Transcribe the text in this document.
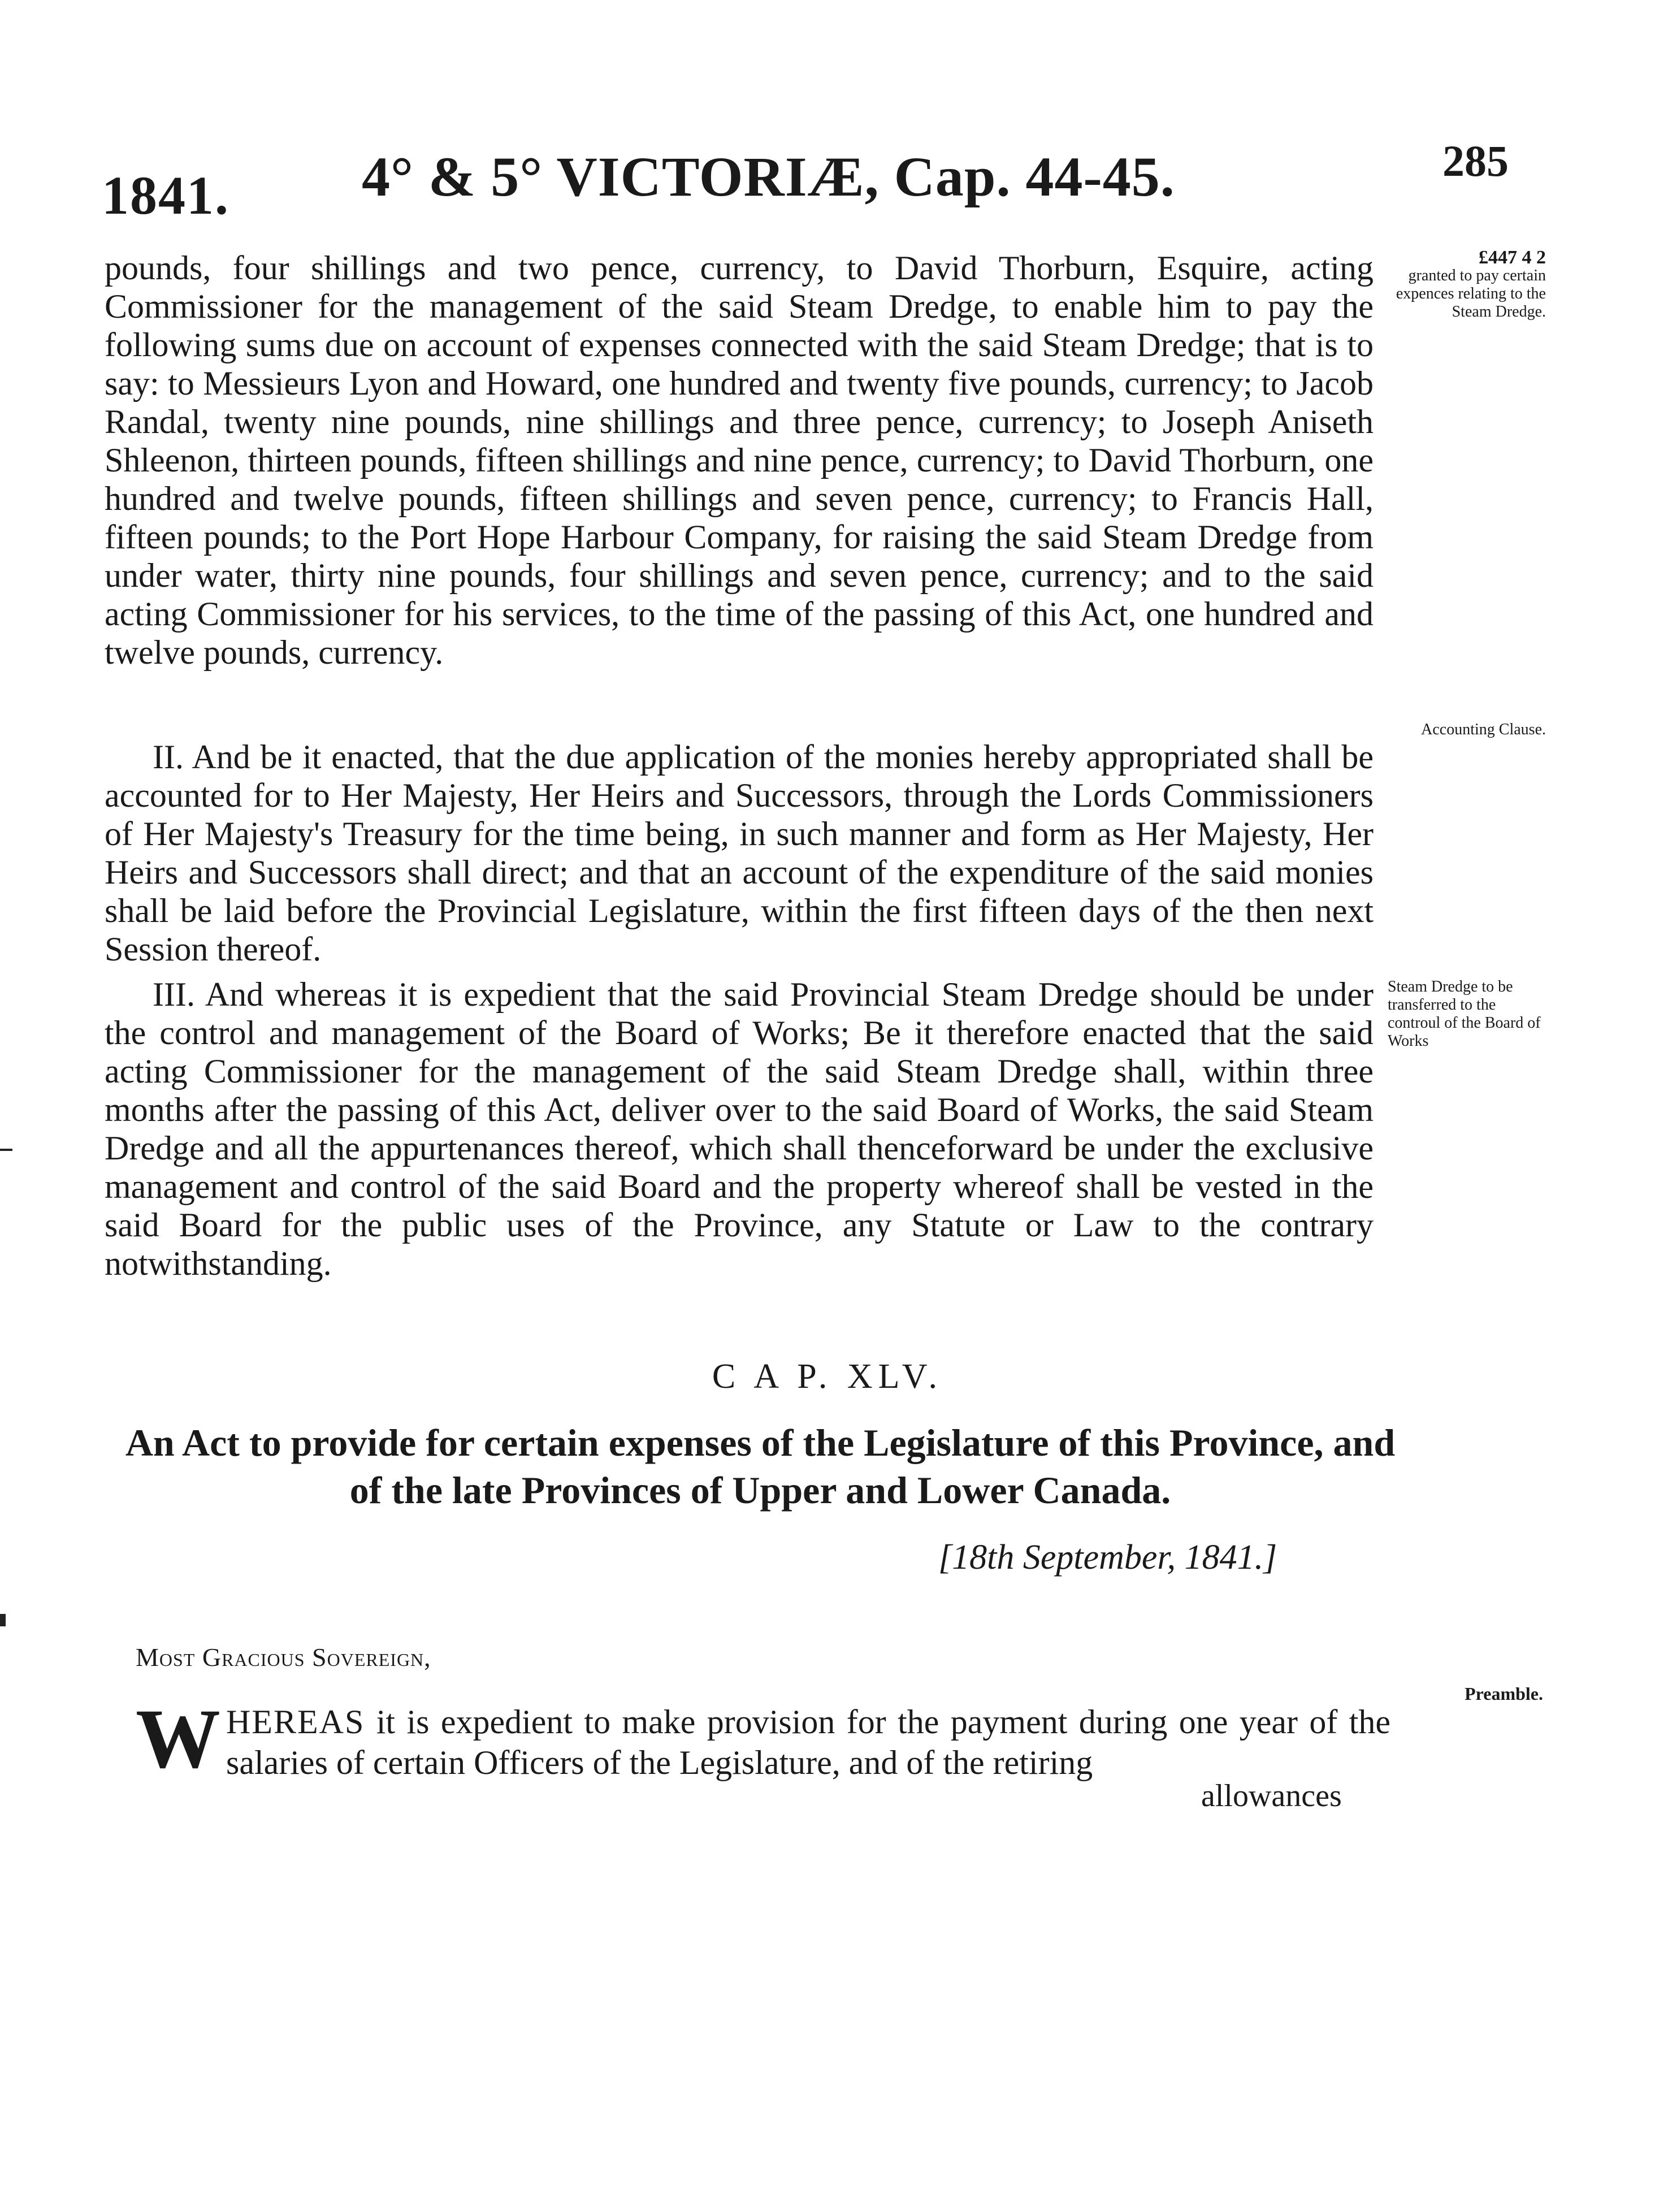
1841. 4° & 5° VICTORIÆ, Cap. 44-45.	285

pounds, four shillings and two pence, currency, to David Thorburn, Esquire, acting Commissioner for the management of the said Steam Dredge, to enable him to pay the following sums due on account of expenses connected with the said Steam Dredge; that is to say: to Messieurs Lyon and Howard, one hundred and twenty five pounds, currency; to Jacob Randal, twenty nine pounds, nine shillings and three pence, currency; to Joseph Aniseth Shleenon, thirteen pounds, fifteen shillings and nine pence, currency; to David Thorburn, one hundred and twelve pounds, fifteen shillings and seven pence, currency; to Francis Hall, fifteen pounds; to the Port Hope Harbour Company, for raising the said Steam Dredge from under water, thirty nine pounds, four shillings and seven pence, currency; and to the said acting Commissioner for his services, to the time of the passing of this Act, one hundred and twelve pounds, currency.

£447 4 2
granted to pay certain expences relating to the Steam Dredge.

II. And be it enacted, that the due application of the monies hereby appropriated shall be accounted for to Her Majesty, Her Heirs and Successors, through the Lords Commissioners of Her Majesty's Treasury for the time being, in such manner and form as Her Majesty, Her Heirs and Successors shall direct; and that an account of the expenditure of the said monies shall be laid before the Provincial Legislature, within the first fifteen days of the then next Session thereof.

Accounting Clause.

III. And whereas it is expedient that the said Provincial Steam Dredge should be under the control and management of the Board of Works; Be it therefore enacted that the said acting Commissioner for the management of the said Steam Dredge shall, within three months after the passing of this Act, deliver over to the said Board of Works, the said Steam Dredge and all the appurtenances thereof, which shall thenceforward be under the exclusive management and control of the said Board and the property whereof shall be vested in the said Board for the public uses of the Province, any Statute or Law to the contrary notwithstanding.

Steam Dredge to be transferred to the controul of the Board of Works
C A P. XLV.
An Act to provide for certain expenses of the Legislature of this Province, and of the late Provinces of Upper and Lower Canada.
[18th September, 1841.]
Most Gracious Sovereign,
W HEREAS it is expedient to make provision for the payment during one year of the salaries of certain Officers of the Legislature, and of the retiring
allowances
Preamble.
